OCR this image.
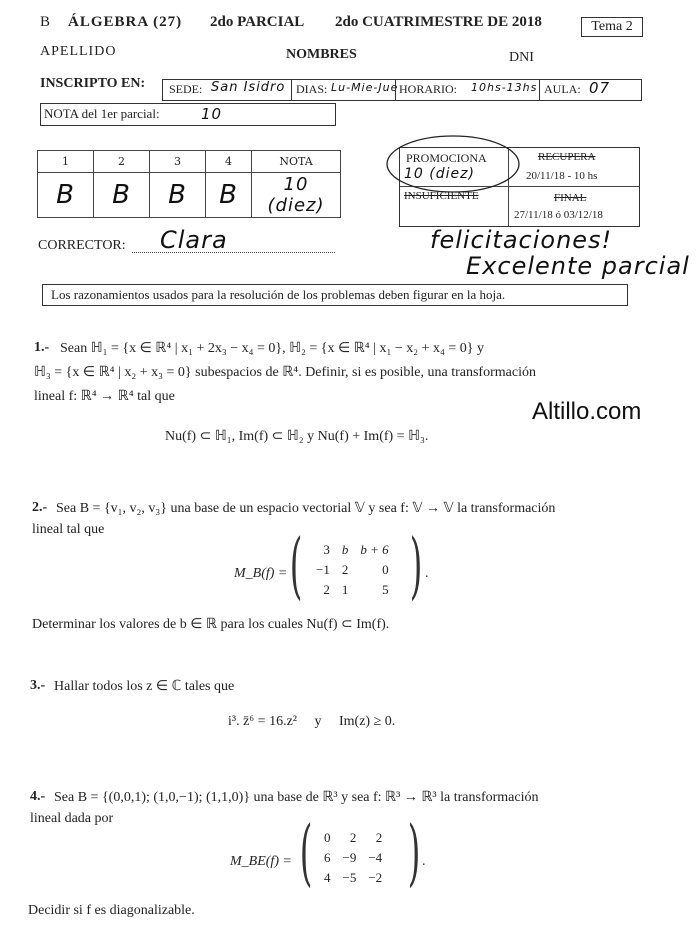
B ÁLGEBRA (27) 2do PARCIAL 2do CUATRIMESTRE DE 2018	Tema 2
APELLIDO	NOMBRES	DNI
INSCRIPTO EN: SEDE: San Isidro DIAS: Lu-Mie-Jue HORARIO: 10hs-13hs AULA: 07
NOTA del 1er parcial:	10
1	2	3	4	NOTA
B	B	B	B	10 (diez)
PROMOCIONA
10 (diez)
INSUFICIENTE
RECUPERA
20/11/18 - 10 hs
FINAL
27/11/18 ó 03/12/18
CORRECTOR: Clara	felicitaciones!
Excelente parcial
Los razonamientos usados para la resolución de los problemas deben figurar en la hoja.
Altillo.com
1.- Sean ℍ₁ = {x ∈ ℝ⁴ | x₁ + 2x₃ − x₄ = 0}, ℍ₂ = {x ∈ ℝ⁴ | x₁ − x₂ + x₄ = 0} y
ℍ₃ = {x ∈ ℝ⁴ | x₂ + x₃ = 0} subespacios de ℝ⁴. Definir, si es posible, una transformación
lineal f: ℝ⁴ → ℝ⁴ tal que
Nu(f) ⊂ ℍ₁, Im(f) ⊂ ℍ₂ y Nu(f) + Im(f) = ℍ₃.
2.- Sea B = {v₁, v₂, v₃} una base de un espacio vectorial 𝕍 y sea f: 𝕍 → 𝕍 la transformación
lineal tal que
M_B(f) = ( 3	b	b + 6
−1	2	0
2	1	5 ) .
Determinar los valores de b ∈ ℝ para los cuales Nu(f) ⊂ Im(f).
3.- Hallar todos los z ∈ ℂ tales que
i³. z̄⁶ = 16.z²     y     Im(z) ≥ 0.
4.- Sea B = {(0,0,1); (1,0,−1); (1,1,0)} una base de ℝ³ y sea f: ℝ³ → ℝ³ la transformación
lineal dada por
M_BE(f) = ( 0	2	2
6	−9	−4
4	−5	−2 ) .
Decidir si f es diagonalizable.
